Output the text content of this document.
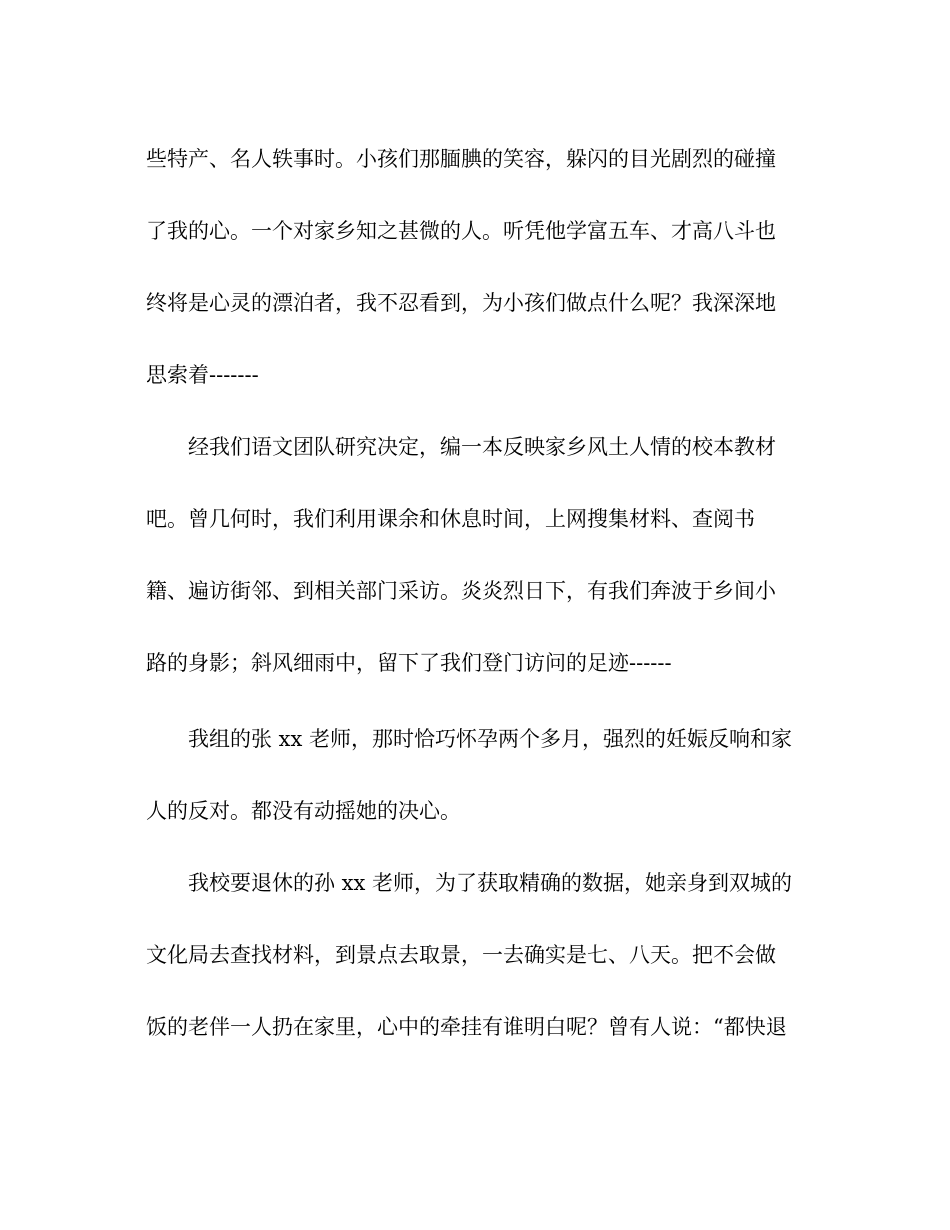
些特产、名人轶事时。小孩们那腼腆的笑容，躲闪的目光剧烈的碰撞

了我的心。一个对家乡知之甚微的人。听凭他学富五车、才高八斗也

终将是心灵的漂泊者，我不忍看到，为小孩们做点什么呢？我深深地

思索着-------

经我们语文团队研究决定，编一本反映家乡风土人情的校本教材

吧。曾几何时，我们利用课余和休息时间，上网搜集材料、查阅书

籍、遍访街邻、到相关部门采访。炎炎烈日下，有我们奔波于乡间小

路的身影；斜风细雨中，留下了我们登门访问的足迹------

我组的张 xx 老师，那时恰巧怀孕两个多月，强烈的妊娠反响和家

人的反对。都没有动摇她的决心。

我校要退休的孙 xx 老师，为了获取精确的数据，她亲身到双城的

文化局去查找材料，到景点去取景，一去确实是七、八天。把不会做

饭的老伴一人扔在家里，心中的牵挂有谁明白呢？曾有人说：“都快退
